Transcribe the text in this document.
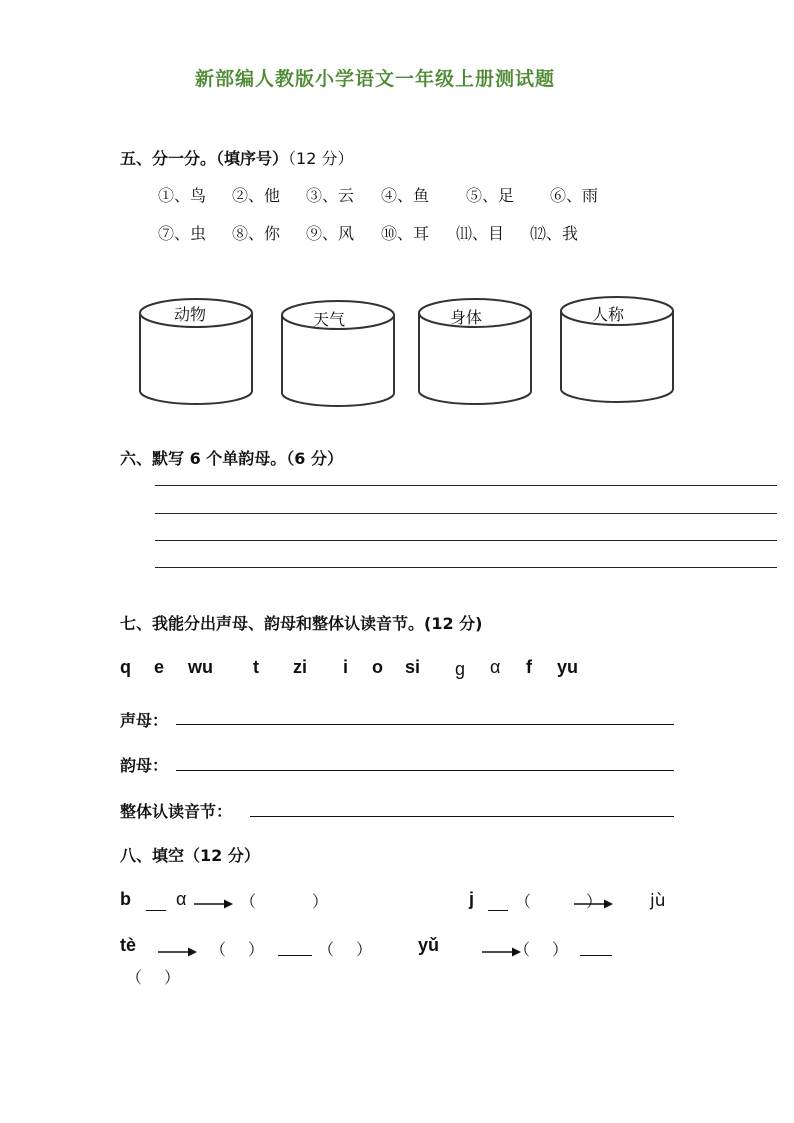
新部编人教版小学语文一年级上册测试题
五、分一分。（填序号）（12 分）
①、鸟 ②、他 ③、云 ④、鱼 ⑤、足 ⑥、雨
⑦、虫 ⑧、你 ⑨、风 ⑩、耳 ⑾、目 ⑿、我
动物	天气	身体	人称
六、默写 6 个单韵母。（6 分）
七、我能分出声母、韵母和整体认读音节。(12 分)
q e wu t zi i o si g α f yu
声母：
韵母：
整体认读音节：
八、填空（12 分）
b	α	（	）	j	（	）	jù
tè	（ ）	（ ）	yǔ	（ ）
（ ）
